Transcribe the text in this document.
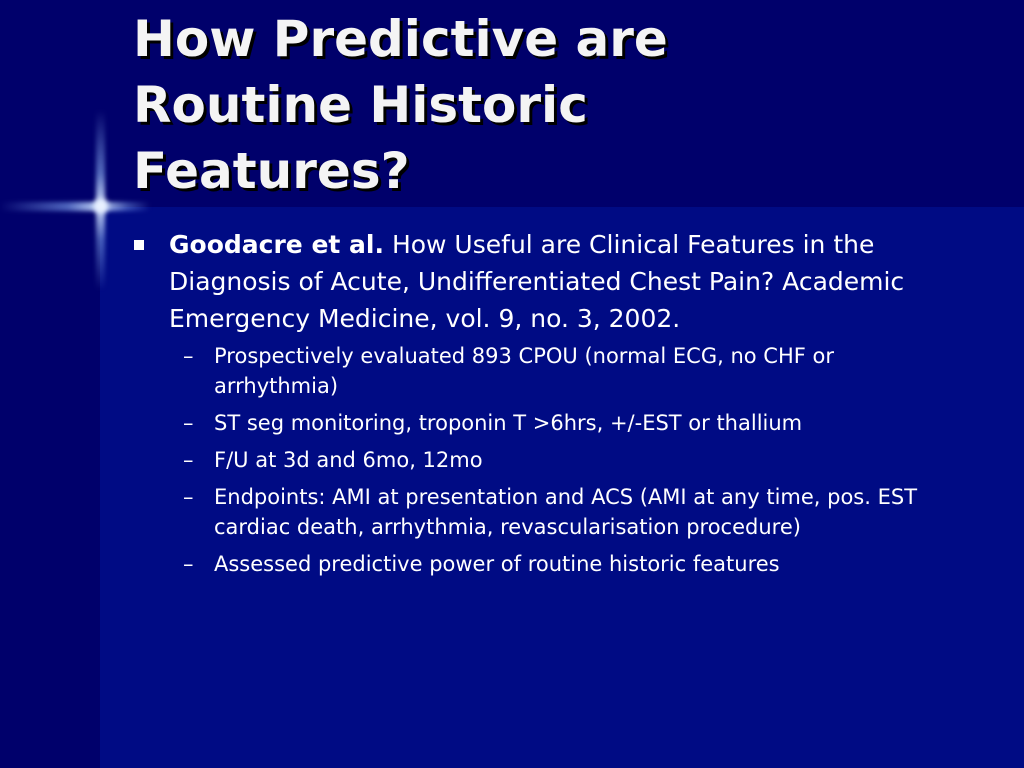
How Predictive are
Routine Historic
Features?
Goodacre et al. How Useful are Clinical Features in the Diagnosis of Acute, Undifferentiated Chest Pain? Academic Emergency Medicine, vol. 9, no. 3, 2002.
– Prospectively evaluated 893 CPOU (normal ECG, no CHF or arrhythmia)
– ST seg monitoring, troponin T >6hrs, +/-EST or thallium
– F/U at 3d and 6mo, 12mo
– Endpoints: AMI at presentation and ACS (AMI at any time, pos. EST cardiac death, arrhythmia, revascularisation procedure)
– Assessed predictive power of routine historic features
